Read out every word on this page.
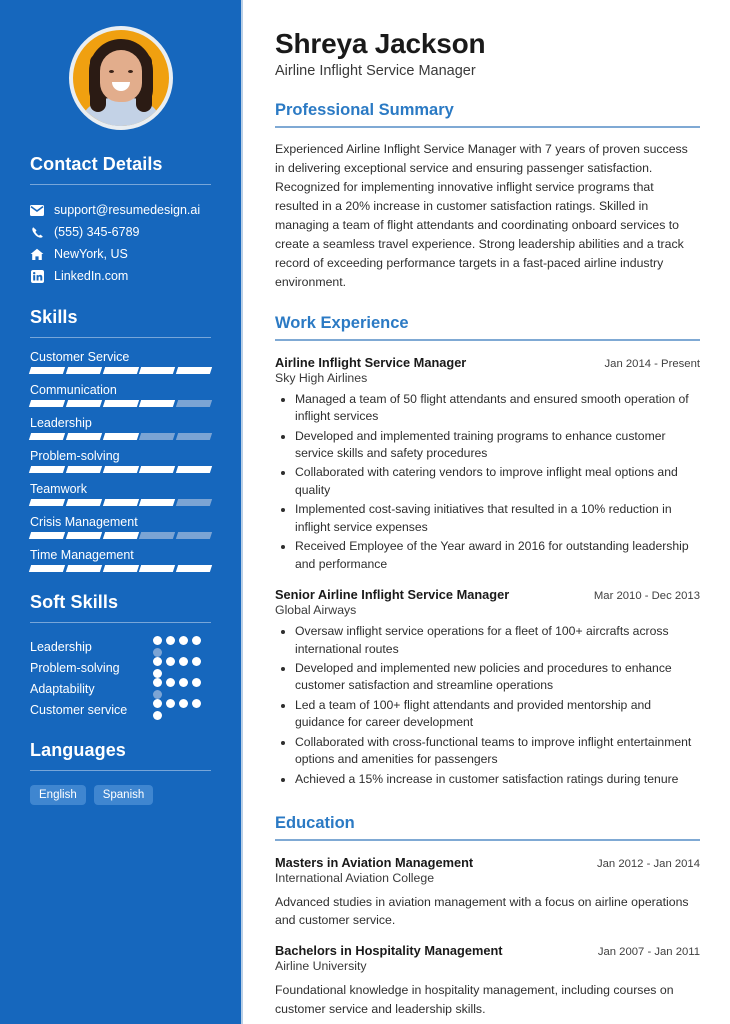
Contact Details
support@resumedesign.ai
(555) 345-6789
NewYork, US
LinkedIn.com
Skills
Customer Service
Communication
Leadership
Problem-solving
Teamwork
Crisis Management
Time Management
Soft Skills
Leadership
Problem-solving
Adaptability
Customer service
Languages
English	Spanish
Shreya Jackson
Airline Inflight Service Manager
Professional Summary

Experienced Airline Inflight Service Manager with 7 years of proven success in delivering exceptional service and ensuring passenger satisfaction. Recognized for implementing innovative inflight service programs that resulted in a 20% increase in customer satisfaction ratings. Skilled in managing a team of flight attendants and coordinating onboard services to create a seamless travel experience. Strong leadership abilities and a track record of exceeding performance targets in a fast-paced airline industry environment.

Work Experience
Airline Inflight Service Manager	Jan 2014 - Present
Sky High Airlines
• Managed a team of 50 flight attendants and ensured smooth operation of inflight services
• Developed and implemented training programs to enhance customer service skills and safety procedures
• Collaborated with catering vendors to improve inflight meal options and quality
• Implemented cost-saving initiatives that resulted in a 10% reduction in inflight service expenses
• Received Employee of the Year award in 2016 for outstanding leadership and performance
Senior Airline Inflight Service Manager	Mar 2010 - Dec 2013
Global Airways
• Oversaw inflight service operations for a fleet of 100+ aircrafts across international routes
• Developed and implemented new policies and procedures to enhance customer satisfaction and streamline operations
• Led a team of 100+ flight attendants and provided mentorship and guidance for career development
• Collaborated with cross-functional teams to improve inflight entertainment options and amenities for passengers
• Achieved a 15% increase in customer satisfaction ratings during tenure
Education
Masters in Aviation Management	Jan 2012 - Jan 2014
International Aviation College
Advanced studies in aviation management with a focus on airline operations and customer service.
Bachelors in Hospitality Management	Jan 2007 - Jan 2011
Airline University
Foundational knowledge in hospitality management, including courses on customer service and leadership skills.
